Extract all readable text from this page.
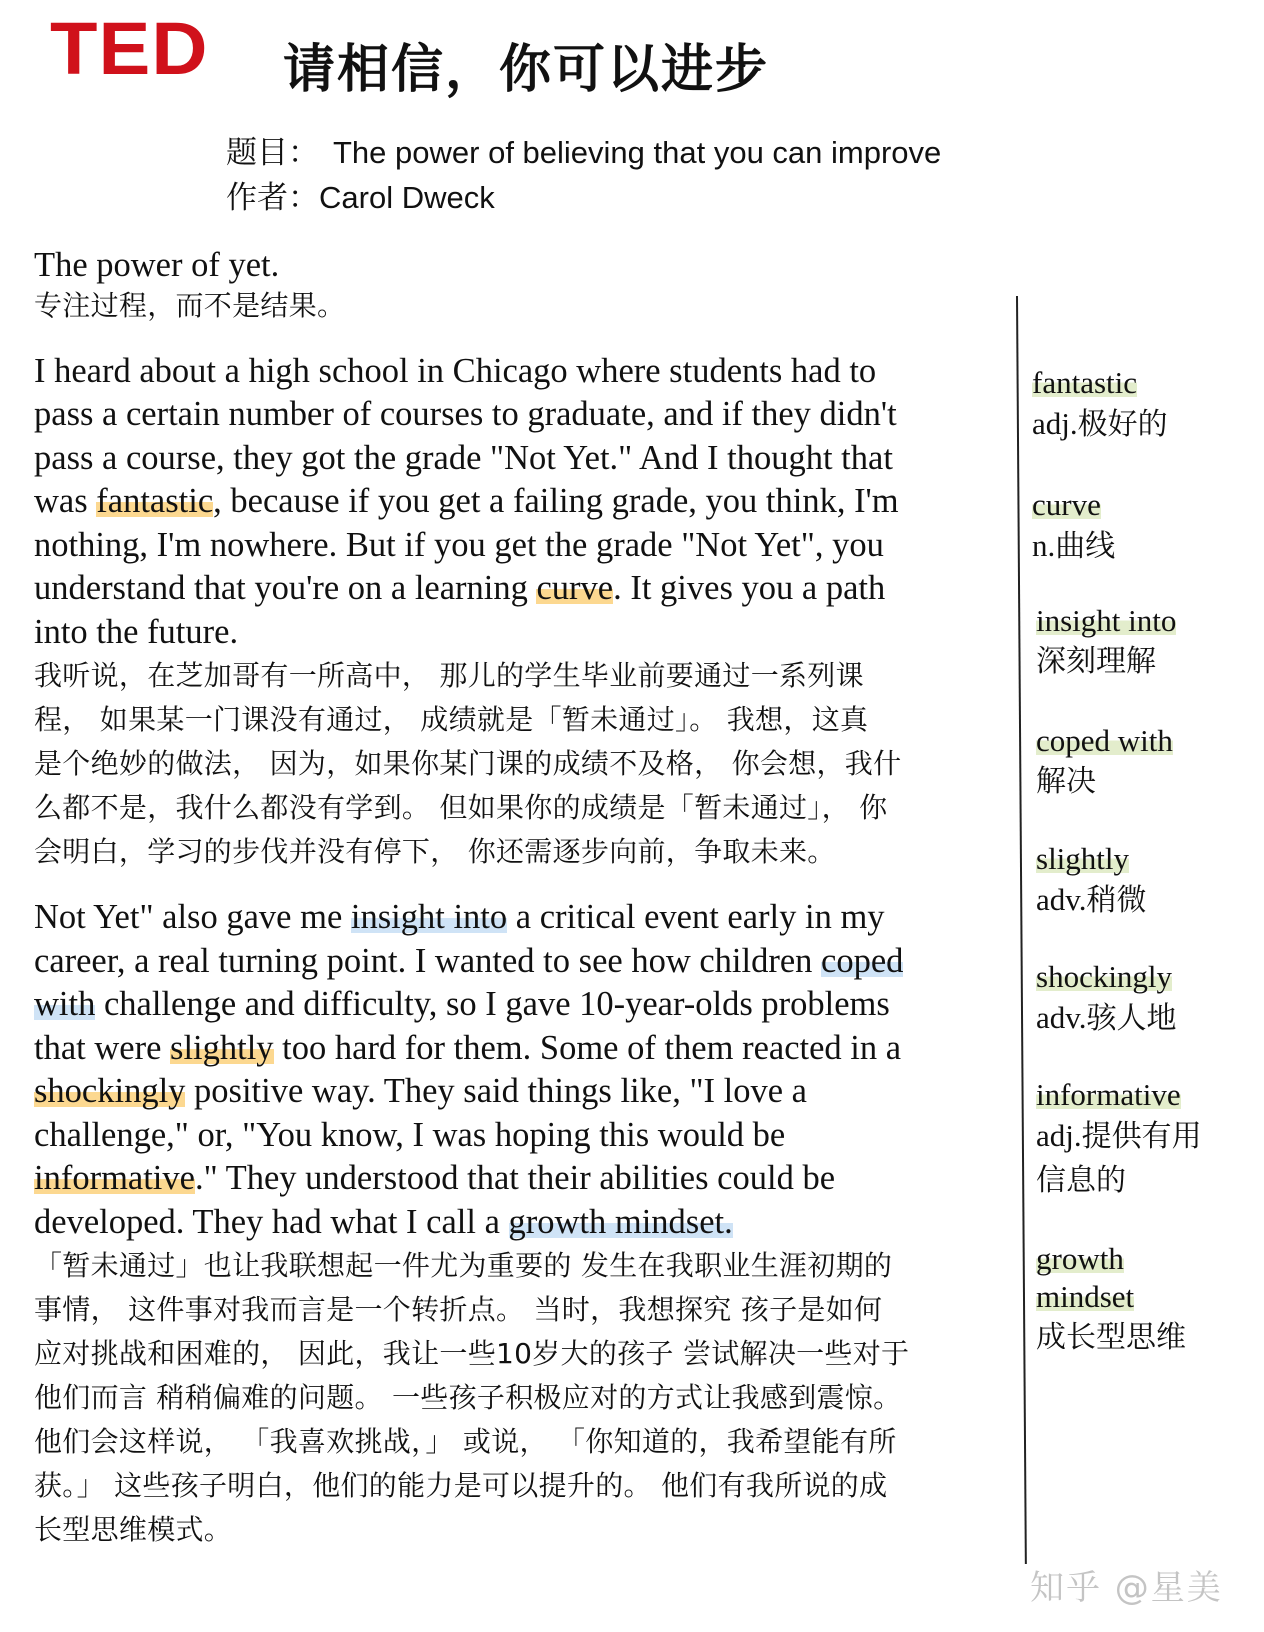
TED 请相信，你可以进步
题目： The power of believing that you can improve
作者：Carol Dweck
The power of yet.
专注过程，而不是结果。
I heard about a high school in Chicago where students had to
pass a certain number of courses to graduate, and if they didn't
pass a course, they got the grade "Not Yet." And I thought that
was fantastic, because if you get a failing grade, you think, I'm
nothing, I'm nowhere. But if you get the grade "Not Yet", you
understand that you're on a learning curve. It gives you a path
into the future.
我听说，在芝加哥有一所高中， 那儿的学生毕业前要通过一系列课
程， 如果某一门课没有通过， 成绩就是「暂未通过」。 我想，这真
是个绝妙的做法， 因为，如果你某门课的成绩不及格， 你会想，我什
么都不是，我什么都没有学到。 但如果你的成绩是「暂未通过」， 你
会明白，学习的步伐并没有停下， 你还需逐步向前，争取未来。
Not Yet" also gave me insight into a critical event early in my
career, a real turning point. I wanted to see how children coped
with challenge and difficulty, so I gave 10-year-olds problems
that were slightly too hard for them. Some of them reacted in a
shockingly positive way. They said things like, "I love a
challenge," or, "You know, I was hoping this would be
informative." They understood that their abilities could be
developed. They had what I call a growth mindset.
「暂未通过」也让我联想起一件尤为重要的 发生在我职业生涯初期的
事情， 这件事对我而言是一个转折点。 当时，我想探究 孩子是如何
应对挑战和困难的， 因此，我让一些10岁大的孩子 尝试解决一些对于
他们而言 稍稍偏难的问题。 一些孩子积极应对的方式让我感到震惊。
他们会这样说， 「我喜欢挑战，」 或说， 「你知道的，我希望能有所
获。」 这些孩子明白，他们的能力是可以提升的。 他们有我所说的成
长型思维模式。
fantastic
adj.极好的
curve
n.曲线
insight into
深刻理解
coped with
解决
slightly
adv.稍微
shockingly
adv.骇人地
informative
adj.提供有用
信息的
growth
mindset
成长型思维
知乎 @星美
